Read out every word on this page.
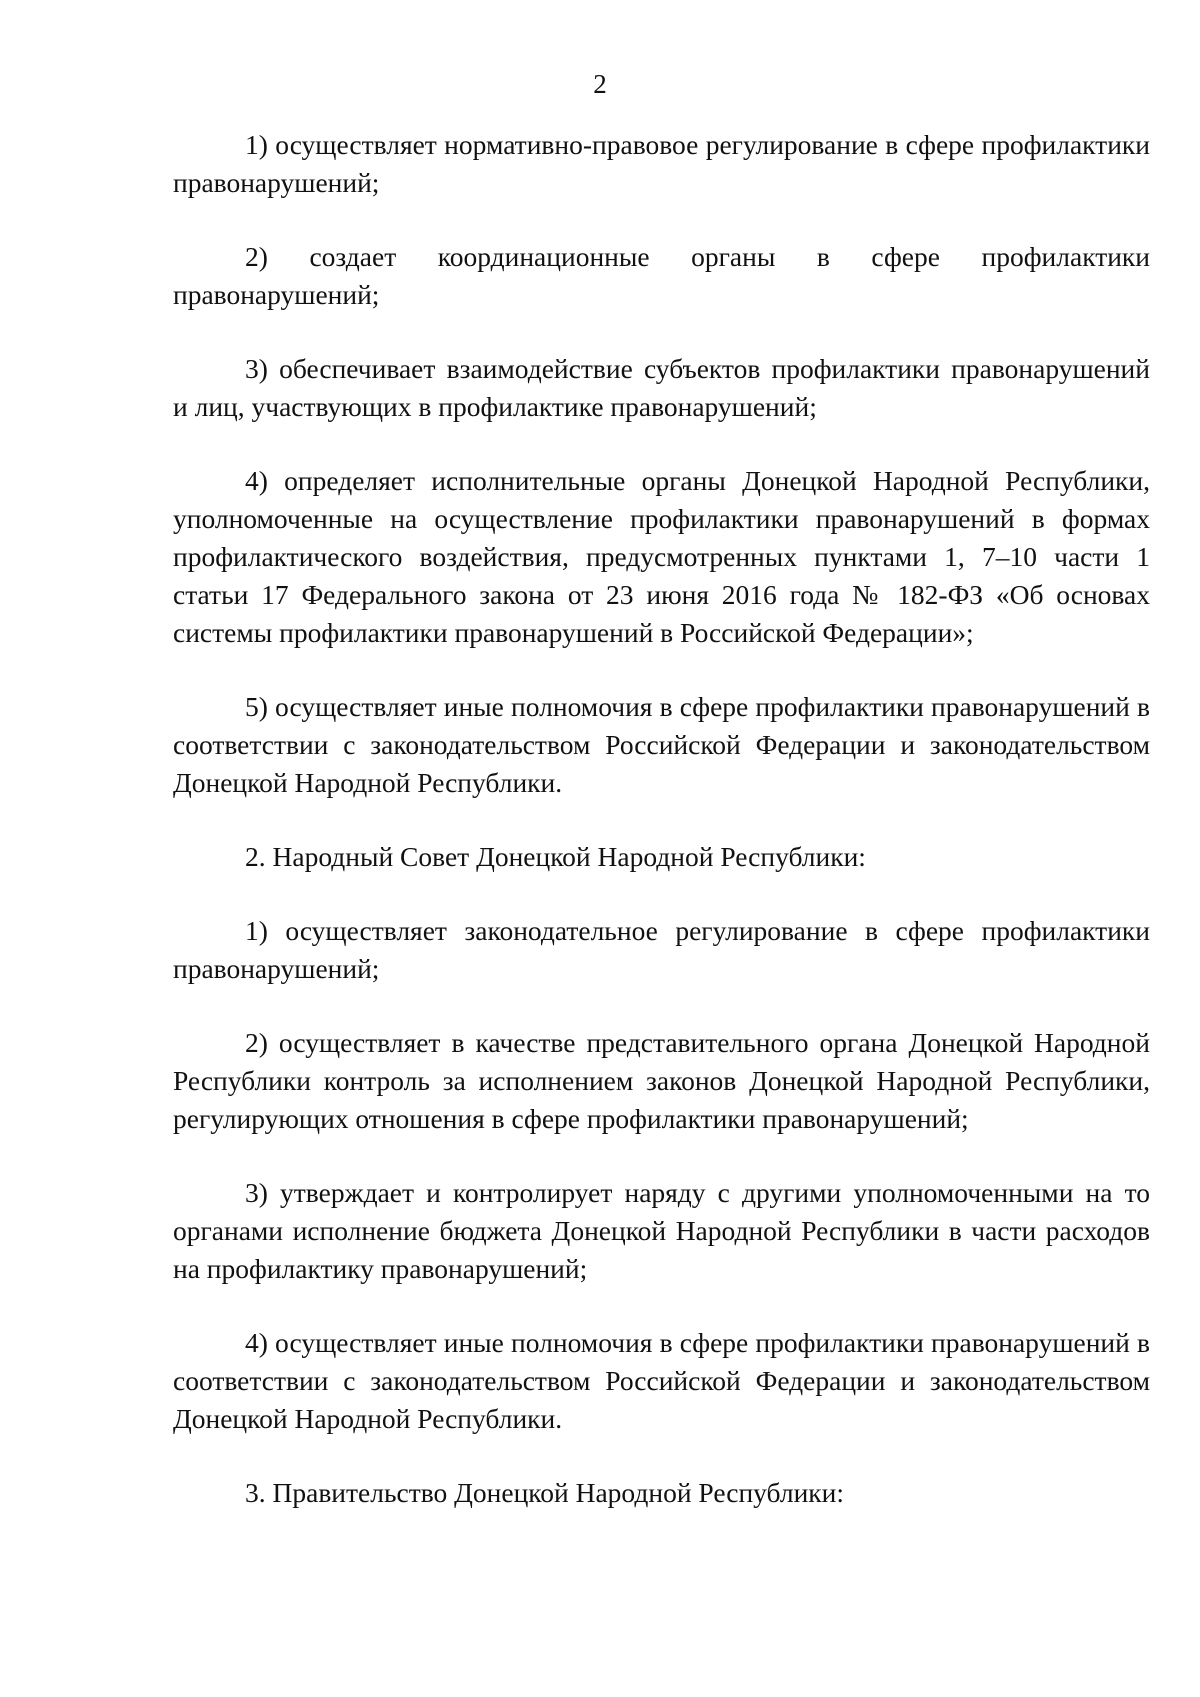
2

1) осуществляет нормативно-правовое регулирование в сфере профилактики правонарушений;

2) создает координационные органы в сфере профилактики правонарушений;

3) обеспечивает взаимодействие субъектов профилактики правонарушений и лиц, участвующих в профилактике правонарушений;

4) определяет исполнительные органы Донецкой Народной Республики, уполномоченные на осуществление профилактики правонарушений в формах профилактического воздействия, предусмотренных пунктами 1, 7–10 части 1 статьи 17 Федерального закона от 23 июня 2016 года № 182-ФЗ «Об основах системы профилактики правонарушений в Российской Федерации»;

5) осуществляет иные полномочия в сфере профилактики правонарушений в соответствии с законодательством Российской Федерации и законодательством Донецкой Народной Республики.

2. Народный Совет Донецкой Народной Республики:

1) осуществляет законодательное регулирование в сфере профилактики правонарушений;

2) осуществляет в качестве представительного органа Донецкой Народной Республики контроль за исполнением законов Донецкой Народной Республики, регулирующих отношения в сфере профилактики правонарушений;

3) утверждает и контролирует наряду с другими уполномоченными на то органами исполнение бюджета Донецкой Народной Республики в части расходов на профилактику правонарушений;

4) осуществляет иные полномочия в сфере профилактики правонарушений в соответствии с законодательством Российской Федерации и законодательством Донецкой Народной Республики.

3. Правительство Донецкой Народной Республики:
